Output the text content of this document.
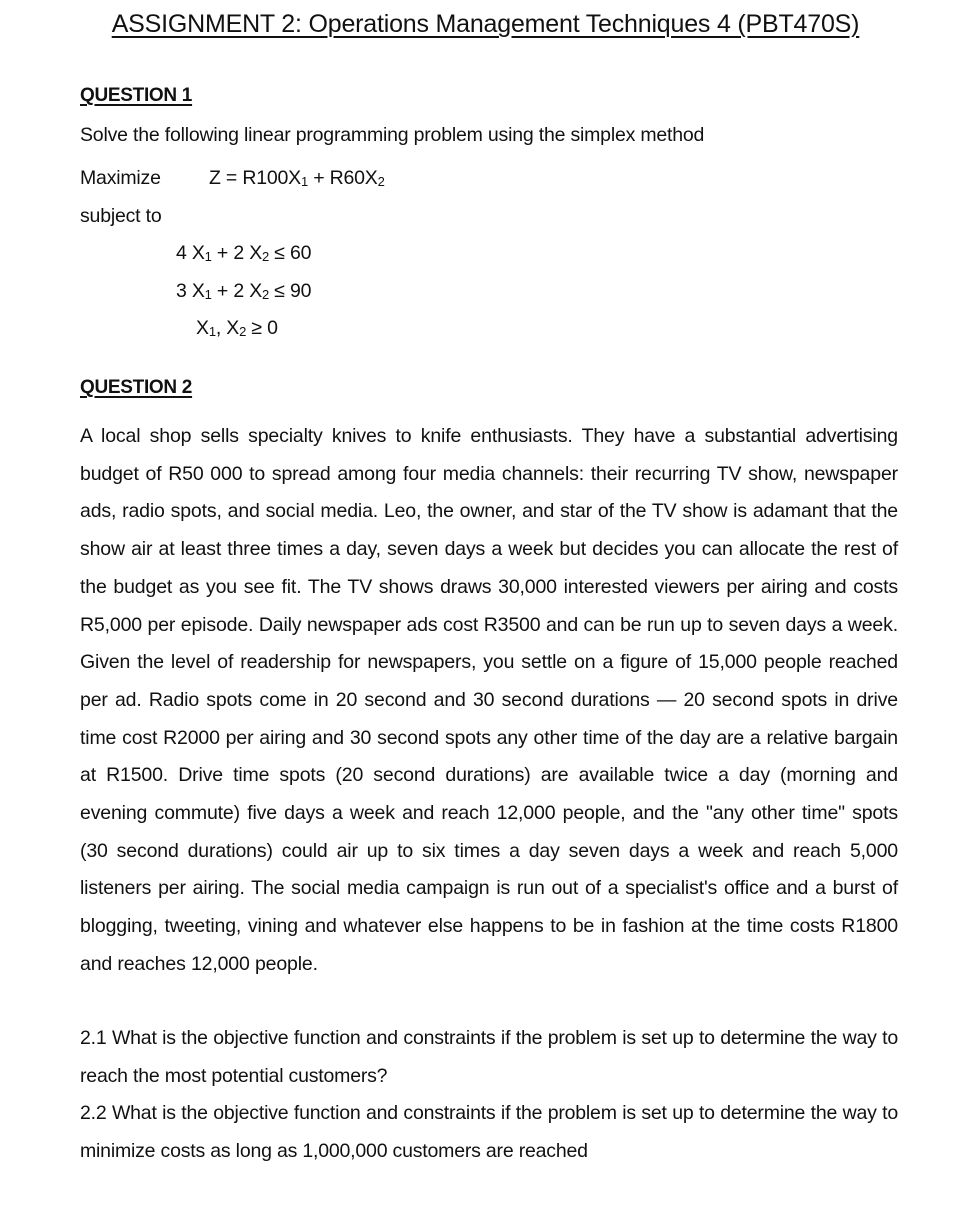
ASSIGNMENT 2: Operations Management Techniques 4 (PBT470S)
QUESTION 1
Solve the following linear programming problem using the simplex method
Maximize Z = R100X1 + R60X2
subject to
4 X1 + 2 X2 ≤ 60
3 X1 + 2 X2 ≤ 90
X1, X2 ≥ 0
QUESTION 2
A local shop sells specialty knives to knife enthusiasts. They have a substantial advertising budget of R50 000 to spread among four media channels: their recurring TV show, newspaper ads, radio spots, and social media. Leo, the owner, and star of the TV show is adamant that the show air at least three times a day, seven days a week but decides you can allocate the rest of the budget as you see fit. The TV shows draws 30,000 interested viewers per airing and costs R5,000 per episode. Daily newspaper ads cost R3500 and can be run up to seven days a week. Given the level of readership for newspapers, you settle on a figure of 15,000 people reached per ad. Radio spots come in 20 second and 30 second durations — 20 second spots in drive time cost R2000 per airing and 30 second spots any other time of the day are a relative bargain at R1500. Drive time spots (20 second durations) are available twice a day (morning and evening commute) five days a week and reach 12,000 people, and the "any other time" spots (30 second durations) could air up to six times a day seven days a week and reach 5,000 listeners per airing. The social media campaign is run out of a specialist's office and a burst of blogging, tweeting, vining and whatever else happens to be in fashion at the time costs R1800 and reaches 12,000 people.
2.1 What is the objective function and constraints if the problem is set up to determine the way to reach the most potential customers?
2.2 What is the objective function and constraints if the problem is set up to determine the way to minimize costs as long as 1,000,000 customers are reached
